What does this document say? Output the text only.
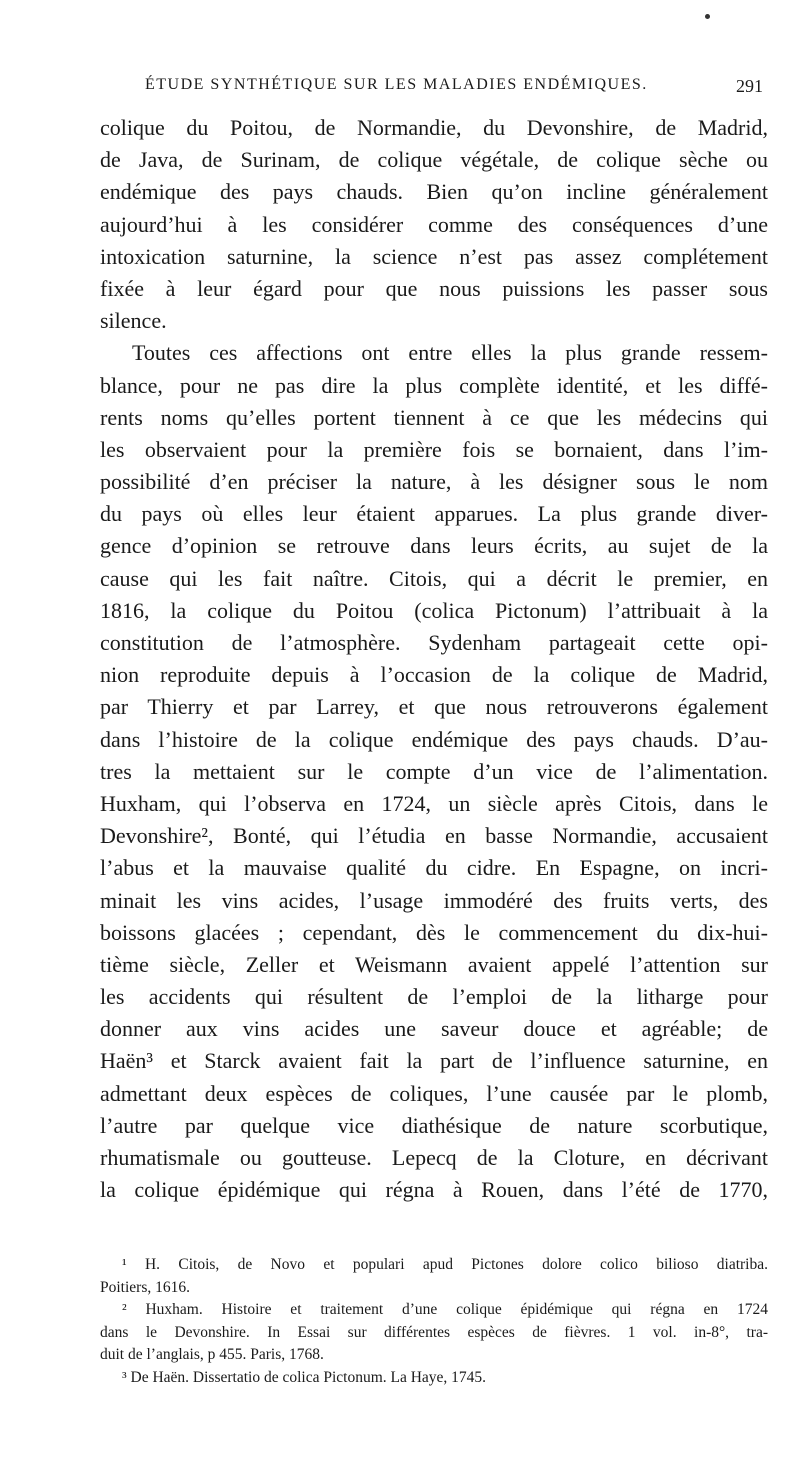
ÉTUDE SYNTHÉTIQUE SUR LES MALADIES ENDÉMIQUES.	291
colique du Poitou, de Normandie, du Devonshire, de Madrid,
de Java, de Surinam, de colique végétale, de colique sèche ou
endémique des pays chauds. Bien qu’on incline généralement
aujourd’hui à les considérer comme des conséquences d’une
intoxication saturnine, la science n’est pas assez complétement
fixée à leur égard pour que nous puissions les passer sous
silence.
Toutes ces affections ont entre elles la plus grande ressem-
blance, pour ne pas dire la plus complète identité, et les diffé-
rents noms qu’elles portent tiennent à ce que les médecins qui
les observaient pour la première fois se bornaient, dans l’im-
possibilité d’en préciser la nature, à les désigner sous le nom
du pays où elles leur étaient apparues. La plus grande diver-
gence d’opinion se retrouve dans leurs écrits, au sujet de la
cause qui les fait naître. Citois, qui a décrit le premier, en
1816, la colique du Poitou (colica Pictonum) l’attribuait à la
constitution de l’atmosphère. Sydenham partageait cette opi-
nion reproduite depuis à l’occasion de la colique de Madrid,
par Thierry et par Larrey, et que nous retrouverons également
dans l’histoire de la colique endémique des pays chauds. D’au-
tres la mettaient sur le compte d’un vice de l’alimentation.
Huxham, qui l’observa en 1724, un siècle après Citois, dans le
Devonshire², Bonté, qui l’étudia en basse Normandie, accusaient
l’abus et la mauvaise qualité du cidre. En Espagne, on incri-
minait les vins acides, l’usage immodéré des fruits verts, des
boissons glacées ; cependant, dès le commencement du dix-hui-
tième siècle, Zeller et Weismann avaient appelé l’attention sur
les accidents qui résultent de l’emploi de la litharge pour
donner aux vins acides une saveur douce et agréable; de
Haën³ et Starck avaient fait la part de l’influence saturnine, en
admettant deux espèces de coliques, l’une causée par le plomb,
l’autre par quelque vice diathésique de nature scorbutique,
rhumatismale ou goutteuse. Lepecq de la Cloture, en décrivant
la colique épidémique qui régna à Rouen, dans l’été de 1770,
¹ H. Citois, de Novo et populari apud Pictones dolore colico bilioso diatriba.
Poitiers, 1616.
² Huxham. Histoire et traitement d’une colique épidémique qui régna en 1724
dans le Devonshire. In Essai sur différentes espèces de fièvres. 1 vol. in-8°, tra-
duit de l’anglais, p 455. Paris, 1768.
³ De Haën. Dissertatio de colica Pictonum. La Haye, 1745.
